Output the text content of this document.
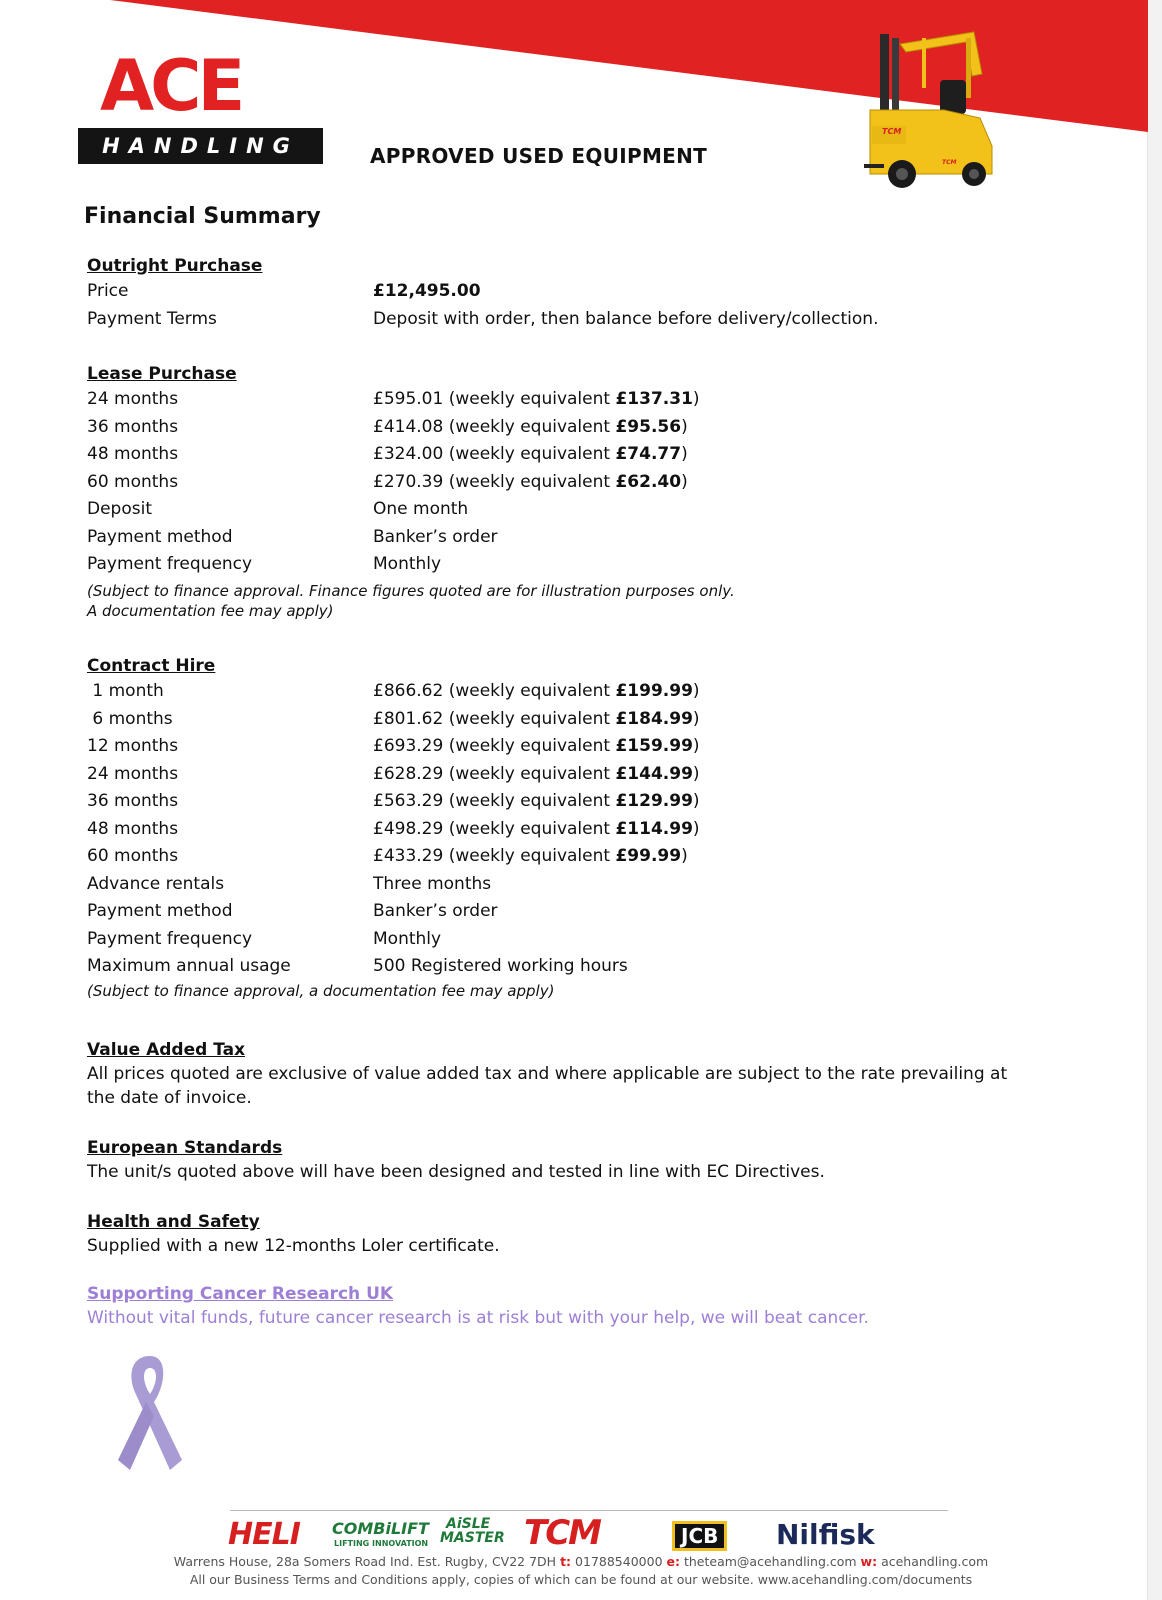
ACE
HANDLING	APPROVED USED EQUIPMENT
TCM
TCM
Financial Summary
Outright Purchase
Price	£12,495.00
Payment Terms	Deposit with order, then balance before delivery/collection.
Lease Purchase
24 months	£595.01 (weekly equivalent £137.31)
36 months	£414.08 (weekly equivalent £95.56)
48 months	£324.00 (weekly equivalent £74.77)
60 months	£270.39 (weekly equivalent £62.40)
Deposit	One month
Payment method	Banker’s order
Payment frequency	Monthly
(Subject to finance approval. Finance figures quoted are for illustration purposes only.
A documentation fee may apply)
Contract Hire
1 month	£866.62 (weekly equivalent £199.99)
6 months	£801.62 (weekly equivalent £184.99)
12 months	£693.29 (weekly equivalent £159.99)
24 months	£628.29 (weekly equivalent £144.99)
36 months	£563.29 (weekly equivalent £129.99)
48 months	£498.29 (weekly equivalent £114.99)
60 months	£433.29 (weekly equivalent £99.99)
Advance rentals	Three months
Payment method	Banker’s order
Payment frequency	Monthly
Maximum annual usage	500 Registered working hours
(Subject to finance approval, a documentation fee may apply)
Value Added Tax
All prices quoted are exclusive of value added tax and where applicable are subject to the rate prevailing at the date of invoice.
European Standards
The unit/s quoted above will have been designed and tested in line with EC Directives.
Health and Safety
Supplied with a new 12-months Loler certificate.
Supporting Cancer Research UK
Without vital funds, future cancer research is at risk but with your help, we will beat cancer.
HELI COMBiLIFT
LIFTING INNOVATION
AiSLE
MASTER TCM	JCB	Nilfisk
Warrens House, 28a Somers Road Ind. Est. Rugby, CV22 7DH t: 01788540000 e: theteam@acehandling.com w: acehandling.com
All our Business Terms and Conditions apply, copies of which can be found at our website. www.acehandling.com/documents
